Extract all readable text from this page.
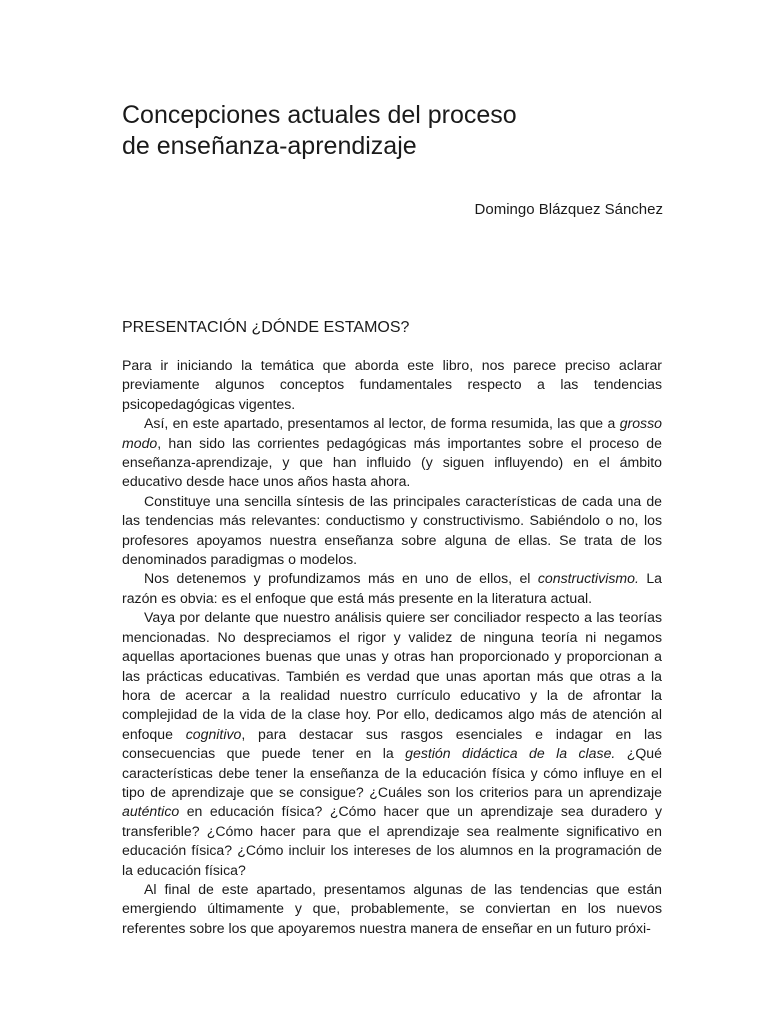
Concepciones actuales del proceso
de enseñanza-aprendizaje
Domingo Blázquez Sánchez
PRESENTACIÓN ¿DÓNDE ESTAMOS?

Para ir iniciando la temática que aborda este libro, nos parece preciso aclarar previamente algunos conceptos fundamentales respecto a las tendencias psicopedagógicas vigentes.

Así, en este apartado, presentamos al lector, de forma resumida, las que a grosso modo, han sido las corrientes pedagógicas más importantes sobre el proceso de enseñanza-aprendizaje, y que han influido (y siguen influyendo) en el ámbito educativo desde hace unos años hasta ahora.

Constituye una sencilla síntesis de las principales características de cada una de las tendencias más relevantes: conductismo y constructivismo. Sabiéndolo o no, los profesores apoyamos nuestra enseñanza sobre alguna de ellas. Se trata de los denominados paradigmas o modelos.

Nos detenemos y profundizamos más en uno de ellos, el constructivismo. La razón es obvia: es el enfoque que está más presente en la literatura actual.

Vaya por delante que nuestro análisis quiere ser conciliador respecto a las teorías mencionadas. No despreciamos el rigor y validez de ninguna teoría ni negamos aquellas aportaciones buenas que unas y otras han proporcionado y proporcionan a las prácticas educativas. También es verdad que unas aportan más que otras a la hora de acercar a la realidad nuestro currículo educativo y la de afrontar la complejidad de la vida de la clase hoy. Por ello, dedicamos algo más de atención al enfoque cognitivo, para destacar sus rasgos esenciales e indagar en las consecuencias que puede tener en la gestión didáctica de la clase. ¿Qué características debe tener la enseñanza de la educación física y cómo influye en el tipo de aprendizaje que se consigue? ¿Cuáles son los criterios para un aprendizaje auténtico en educación física? ¿Cómo hacer que un aprendizaje sea duradero y transferible? ¿Cómo hacer para que el aprendizaje sea realmente significativo en educación física? ¿Cómo incluir los intereses de los alumnos en la programación de la educación física?

Al final de este apartado, presentamos algunas de las tendencias que están emergiendo últimamente y que, probablemente, se conviertan en los nuevos referentes sobre los que apoyaremos nuestra manera de enseñar en un futuro próxi-
